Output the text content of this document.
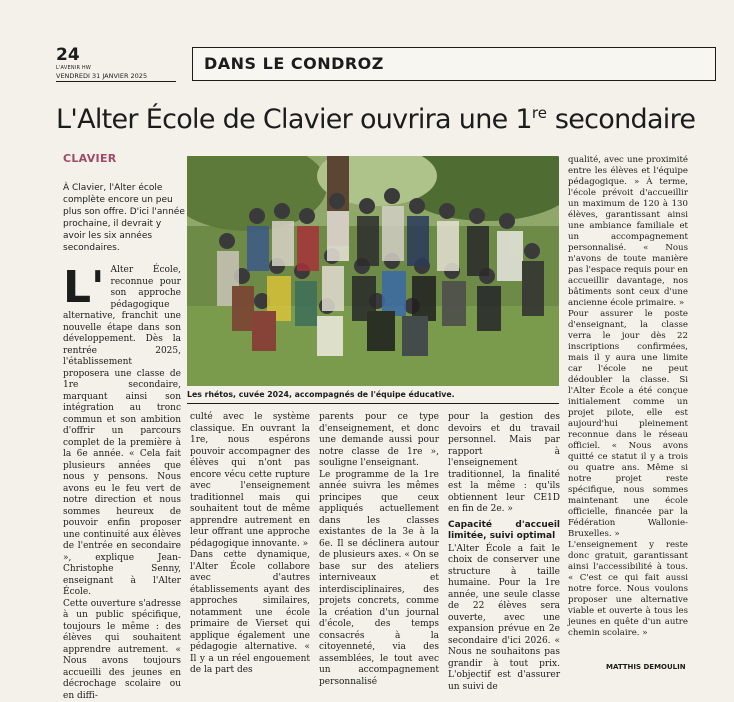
24
L'AVENIR HW
VENDREDI 31 JANVIER 2025
DANS LE CONDROZ
L'Alter École de Clavier ouvrira une 1re secondaire
CLAVIER
À Clavier, l'Alter école complète encore un peu plus son offre. D'ici l'année prochaine, il devrait y avoir les six années secondaires.
Les rhétos, cuvée 2024, accompagnés de l'équipe éducative.
L' Alter École, reconnue pour son approche pédagogique alternative, franchit une nouvelle étape dans son développement. Dès la rentrée 2025, l'établissement proposera une classe de 1re secondaire, marquant ainsi son intégration au tronc commun et son ambition d'offrir un parcours complet de la première à la 6e année. « Cela fait plusieurs années que nous y pensons. Nous avons eu le feu vert de notre direction et nous sommes heureux de pouvoir enfin proposer une continuité aux élèves de l'entrée en secondaire », explique Jean-Christophe Senny, enseignant à l'Alter École.

Cette ouverture s'adresse à un public spécifique, toujours le même : des élèves qui souhaitent apprendre autrement. « Nous avons toujours accueilli des jeunes en décrochage scolaire ou en diffi-

culté avec le système classique. En ouvrant la 1re, nous espérons pouvoir accompagner des élèves qui n'ont pas encore vécu cette rupture avec l'enseignement traditionnel mais qui souhaitent tout de même apprendre autrement en leur offrant une approche pédagogique innovante. »

Dans cette dynamique, l'Alter École collabore avec d'autres établissements ayant des approches similaires, notamment une école primaire de Vierset qui applique également une pédagogie alternative. « Il y a un réel engouement de la part des

parents pour ce type d'enseignement, et donc une demande aussi pour notre classe de 1re », souligne l'enseignant.

Le programme de la 1re année suivra les mêmes principes que ceux appliqués actuellement dans les classes existantes de la 3e à la 6e. Il se déclinera autour de plusieurs axes. « On se base sur des ateliers interniveaux et interdisciplinaires, des projets concrets, comme la création d'un journal d'école, des temps consacrés à la citoyenneté, via des assemblées, le tout avec un accompagnement personnalisé

pour la gestion des devoirs et du travail personnel. Mais par rapport à l'enseignement traditionnel, la finalité est la même : qu'ils obtiennent leur CE1D en fin de 2e. »

Capacité d'accueil limitée, suivi optimal

L'Alter École a fait le choix de conserver une structure à taille humaine. Pour la 1re année, une seule classe de 22 élèves sera ouverte, avec une expansion prévue en 2e secondaire d'ici 2026. « Nous ne souhaitons pas grandir à tout prix. L'objectif est d'assurer un suivi de

qualité, avec une proximité entre les élèves et l'équipe pédagogique. » À terme, l'école prévoit d'accueillir un maximum de 120 à 130 élèves, garantissant ainsi une ambiance familiale et un accompagnement personnalisé. « Nous n'avons de toute manière pas l'espace requis pour en accueillir davantage, nos bâtiments sont ceux d'une ancienne école primaire. »

Pour assurer le poste d'enseignant, la classe verra le jour dès 22 inscriptions confirmées, mais il y aura une limite car l'école ne peut dédoubler la classe. Si l'Alter École a été conçue initialement comme un projet pilote, elle est aujourd'hui pleinement reconnue dans le réseau officiel. « Nous avons quitté ce statut il y a trois ou quatre ans. Même si notre projet reste spécifique, nous sommes maintenant une école officielle, financée par la Fédération Wallonie-Bruxelles. »

L'enseignement y reste donc gratuit, garantissant ainsi l'accessibilité à tous. « C'est ce qui fait aussi notre force. Nous voulons proposer une alternative viable et ouverte à tous les jeunes en quête d'un autre chemin scolaire. »

MATTHIS DEMOULIN
